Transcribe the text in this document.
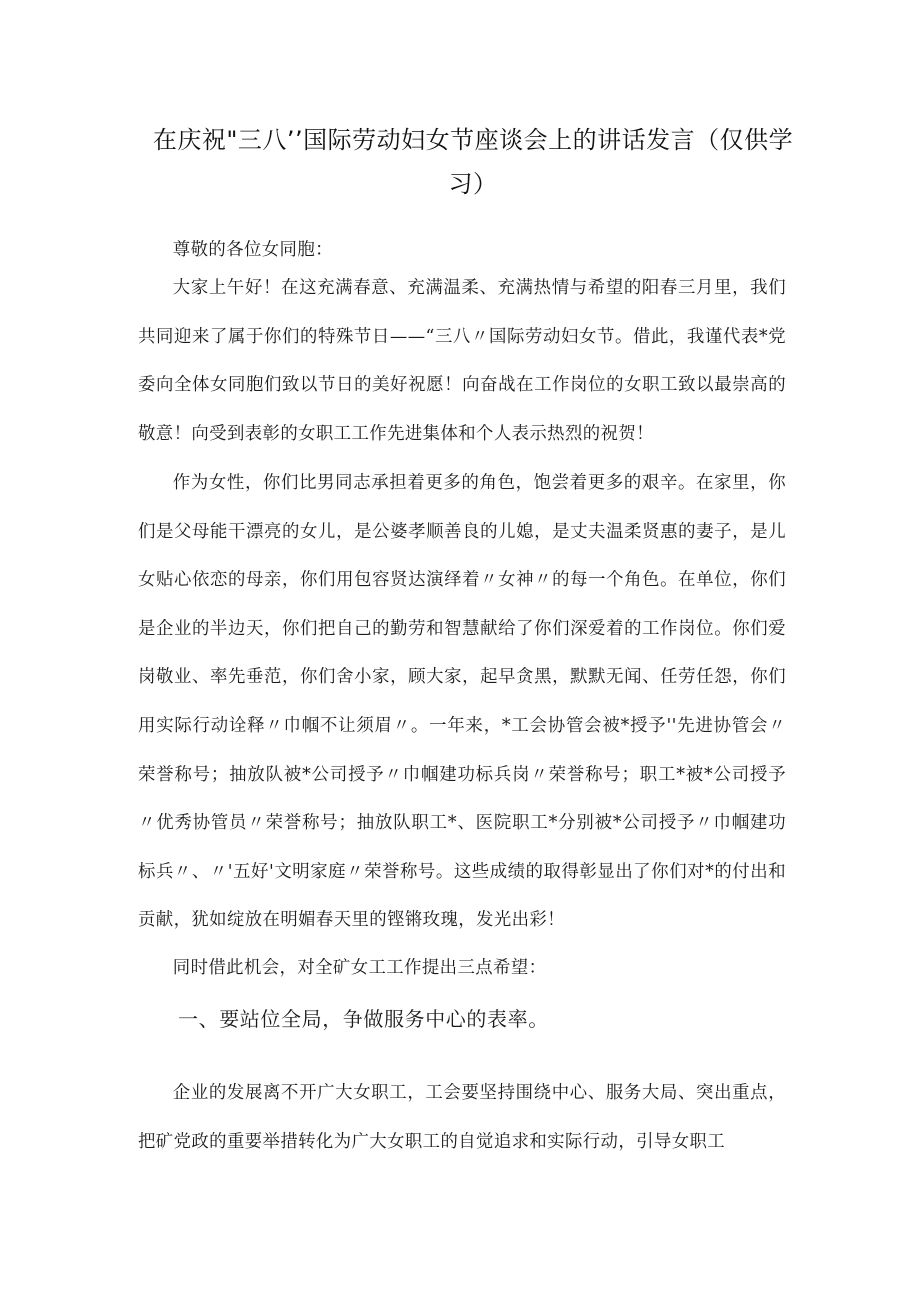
在庆祝"三八’’国际劳动妇女节座谈会上的讲话发言（仅供学习）

尊敬的各位女同胞：

大家上午好！在这充满春意、充满温柔、充满热情与希望的阳春三月里，我们共同迎来了属于你们的特殊节日——“三八〃国际劳动妇女节。借此，我谨代表*党委向全体女同胞们致以节日的美好祝愿！向奋战在工作岗位的女职工致以最崇高的敬意！向受到表彰的女职工工作先进集体和个人表示热烈的祝贺！

作为女性，你们比男同志承担着更多的角色，饱尝着更多的艰辛。在家里，你们是父母能干漂亮的女儿，是公婆孝顺善良的儿媳，是丈夫温柔贤惠的妻子，是儿女贴心依恋的母亲，你们用包容贤达演绎着〃女神〃的每一个角色。在单位，你们是企业的半边天，你们把自己的勤劳和智慧献给了你们深爱着的工作岗位。你们爱岗敬业、率先垂范，你们舍小家，顾大家，起早贪黑，默默无闻、任劳任怨，你们用实际行动诠释〃巾帼不让须眉〃。一年来，*工会协管会被*授予''先进协管会〃荣誉称号；抽放队被*公司授予〃巾帼建功标兵岗〃荣誉称号；职工*被*公司授予〃优秀协管员〃荣誉称号；抽放队职工*、医院职工*分别被*公司授予〃巾帼建功标兵〃、〃'五好'文明家庭〃荣誉称号。这些成绩的取得彰显出了你们对*的付出和贡献，犹如绽放在明媚春天里的铿锵玫瑰，发光出彩！

同时借此机会，对全矿女工工作提出三点希望：

一、要站位全局，争做服务中心的表率。

企业的发展离不开广大女职工，工会要坚持围绕中心、服务大局、突出重点，把矿党政的重要举措转化为广大女职工的自觉追求和实际行动，引导女职工
